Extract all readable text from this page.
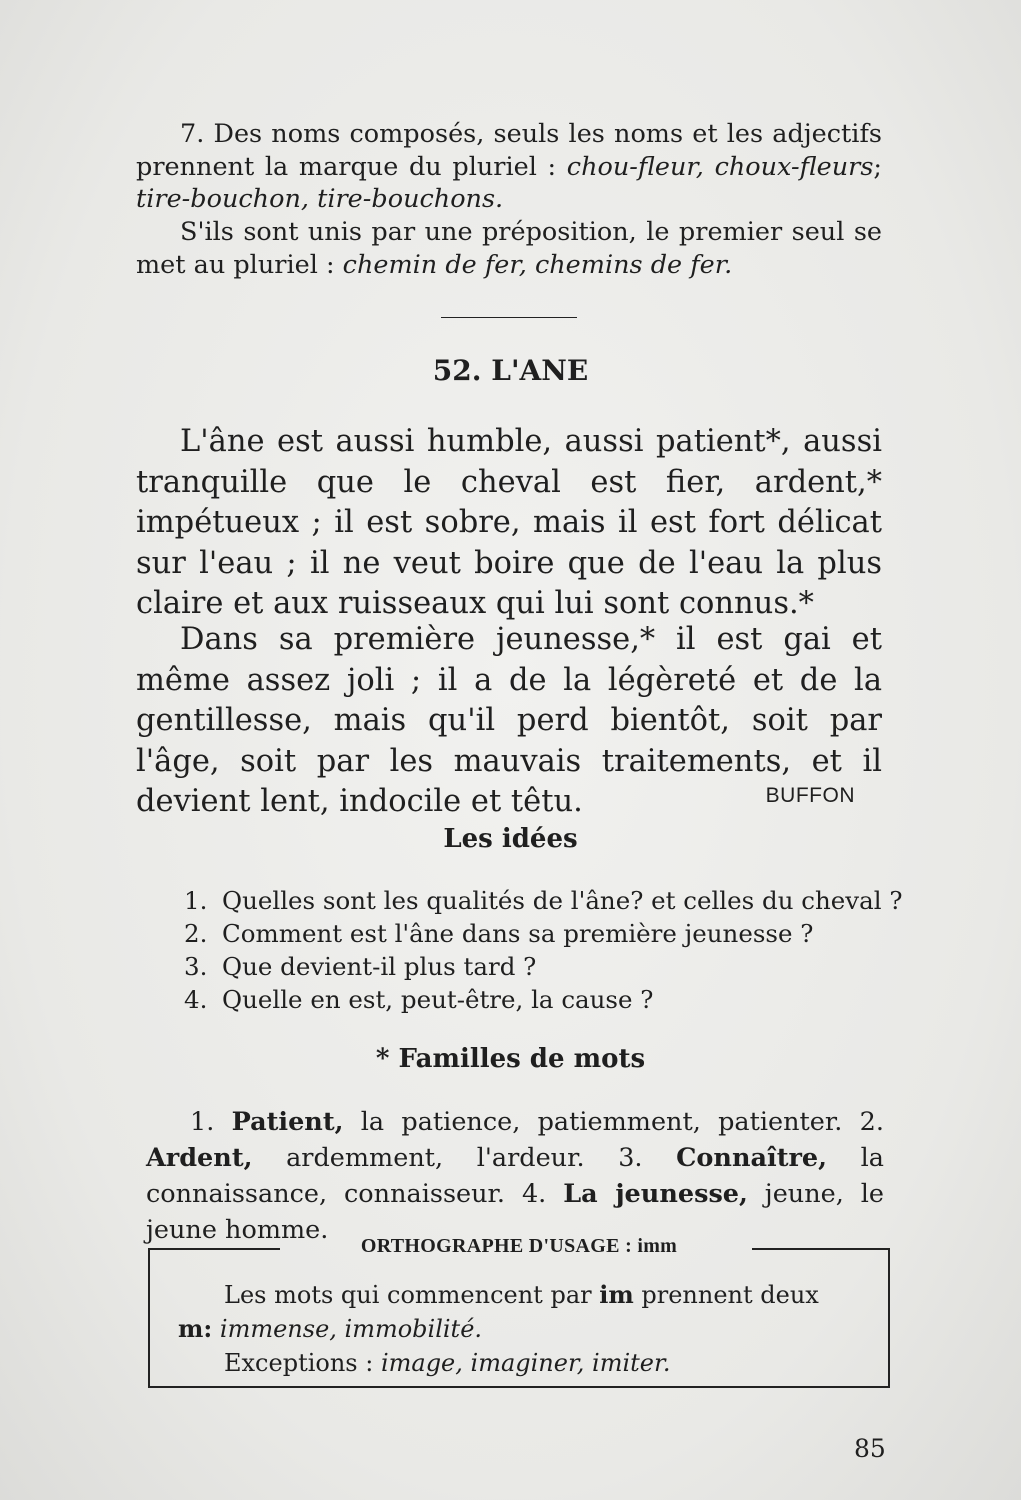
7. Des noms composés, seuls les noms et les adjectifs prennent la marque du pluriel : chou-fleur, choux-fleurs; tire-bouchon, tire-bouchons.
S'ils sont unis par une préposition, le premier seul se met au pluriel : chemin de fer, chemins de fer.
52. L'ANE
L'âne est aussi humble, aussi patient*, aussi tranquille que le cheval est fier, ardent,* impétueux ; il est sobre, mais il est fort délicat sur l'eau ; il ne veut boire que de l'eau la plus claire et aux ruisseaux qui lui sont connus.*
Dans sa première jeunesse,* il est gai et même assez joli ; il a de la légèreté et de la gentillesse, mais qu'il perd bientôt, soit par l'âge, soit par les mauvais traitements, et il devient lent, indocile et têtu.	BUFFON
Les idées
1. Quelles sont les qualités de l'âne? et celles du cheval ?
2. Comment est l'âne dans sa première jeunesse ?
3. Que devient-il plus tard ?
4. Quelle en est, peut-être, la cause ?
* Familles de mots
1. Patient, la patience, patiemment, patienter. 2. Ardent, ardemment, l'ardeur. 3. Connaître, la connaissance, connaisseur. 4. La jeunesse, jeune, le jeune homme.
ORTHOGRAPHE D'USAGE : imm
Les mots qui commencent par im prennent deux
m: immense, immobilité.
Exceptions : image, imaginer, imiter.
85
